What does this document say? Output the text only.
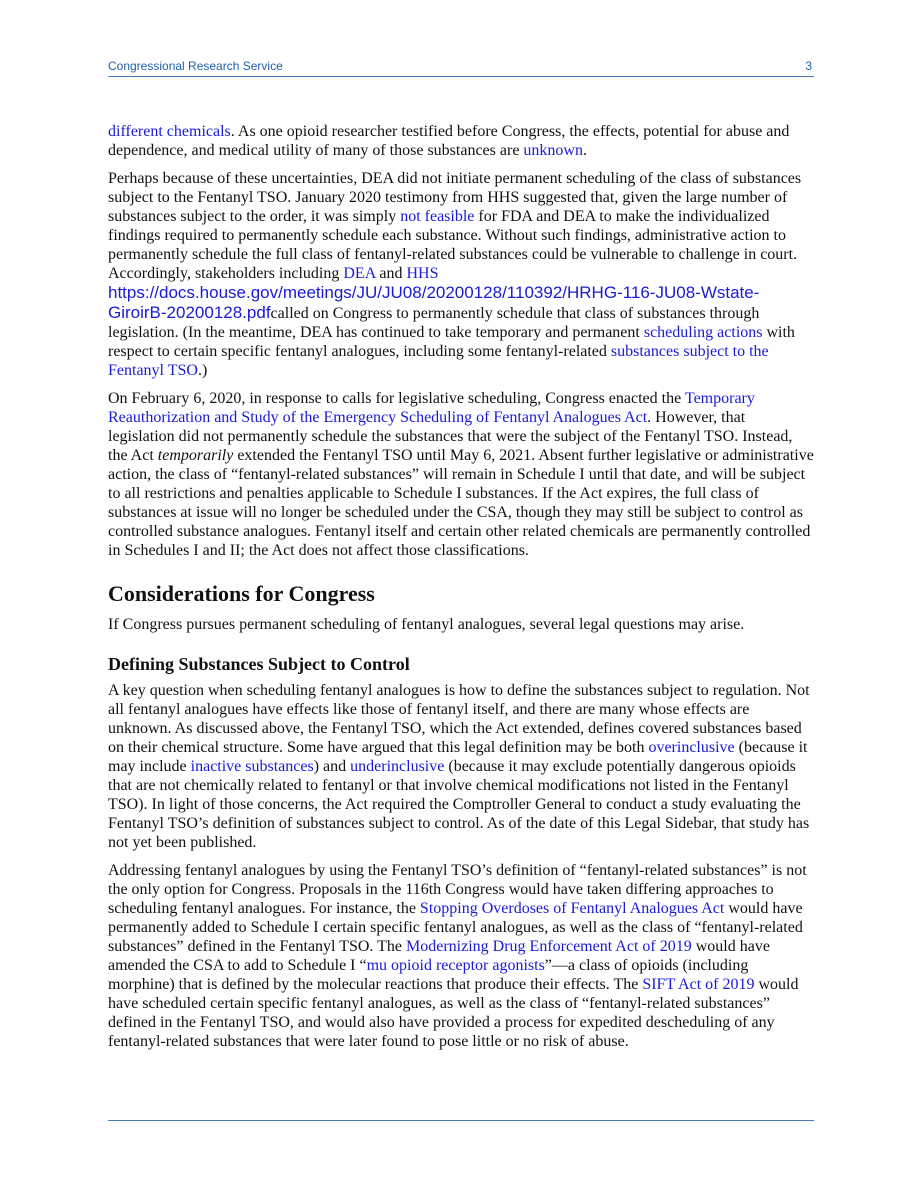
Congressional Research Service	3

different chemicals. As one opioid researcher testified before Congress, the effects, potential for abuse and dependence, and medical utility of many of those substances are unknown.

Perhaps because of these uncertainties, DEA did not initiate permanent scheduling of the class of substances subject to the Fentanyl TSO. January 2020 testimony from HHS suggested that, given the large number of substances subject to the order, it was simply not feasible for FDA and DEA to make the individualized findings required to permanently schedule each substance. Without such findings, administrative action to permanently schedule the full class of fentanyl-related substances could be vulnerable to challenge in court. Accordingly, stakeholders including DEA and HHS
https://docs.house.gov/meetings/JU/JU08/20200128/110392/HRHG-116-JU08-Wstate-GiroirB-20200128.pdfcalled on Congress to permanently schedule that class of substances through legislation. (In the meantime, DEA has continued to take temporary and permanent scheduling actions with respect to certain specific fentanyl analogues, including some fentanyl-related substances subject to the Fentanyl TSO.)

On February 6, 2020, in response to calls for legislative scheduling, Congress enacted the Temporary Reauthorization and Study of the Emergency Scheduling of Fentanyl Analogues Act. However, that legislation did not permanently schedule the substances that were the subject of the Fentanyl TSO. Instead, the Act temporarily extended the Fentanyl TSO until May 6, 2021. Absent further legislative or administrative action, the class of “fentanyl-related substances” will remain in Schedule I until that date, and will be subject to all restrictions and penalties applicable to Schedule I substances. If the Act expires, the full class of substances at issue will no longer be scheduled under the CSA, though they may still be subject to control as controlled substance analogues. Fentanyl itself and certain other related chemicals are permanently controlled in Schedules I and II; the Act does not affect those classifications.

Considerations for Congress

If Congress pursues permanent scheduling of fentanyl analogues, several legal questions may arise.

Defining Substances Subject to Control

A key question when scheduling fentanyl analogues is how to define the substances subject to regulation. Not all fentanyl analogues have effects like those of fentanyl itself, and there are many whose effects are unknown. As discussed above, the Fentanyl TSO, which the Act extended, defines covered substances based on their chemical structure. Some have argued that this legal definition may be both overinclusive (because it may include inactive substances) and underinclusive (because it may exclude potentially dangerous opioids that are not chemically related to fentanyl or that involve chemical modifications not listed in the Fentanyl TSO). In light of those concerns, the Act required the Comptroller General to conduct a study evaluating the Fentanyl TSO’s definition of substances subject to control. As of the date of this Legal Sidebar, that study has not yet been published.

Addressing fentanyl analogues by using the Fentanyl TSO’s definition of “fentanyl-related substances” is not the only option for Congress. Proposals in the 116th Congress would have taken differing approaches to scheduling fentanyl analogues. For instance, the Stopping Overdoses of Fentanyl Analogues Act would have permanently added to Schedule I certain specific fentanyl analogues, as well as the class of “fentanyl-related substances” defined in the Fentanyl TSO. The Modernizing Drug Enforcement Act of 2019 would have amended the CSA to add to Schedule I “mu opioid receptor agonists”—a class of opioids (including morphine) that is defined by the molecular reactions that produce their effects. The SIFT Act of 2019 would have scheduled certain specific fentanyl analogues, as well as the class of “fentanyl-related substances” defined in the Fentanyl TSO, and would also have provided a process for expedited descheduling of any fentanyl-related substances that were later found to pose little or no risk of abuse.
